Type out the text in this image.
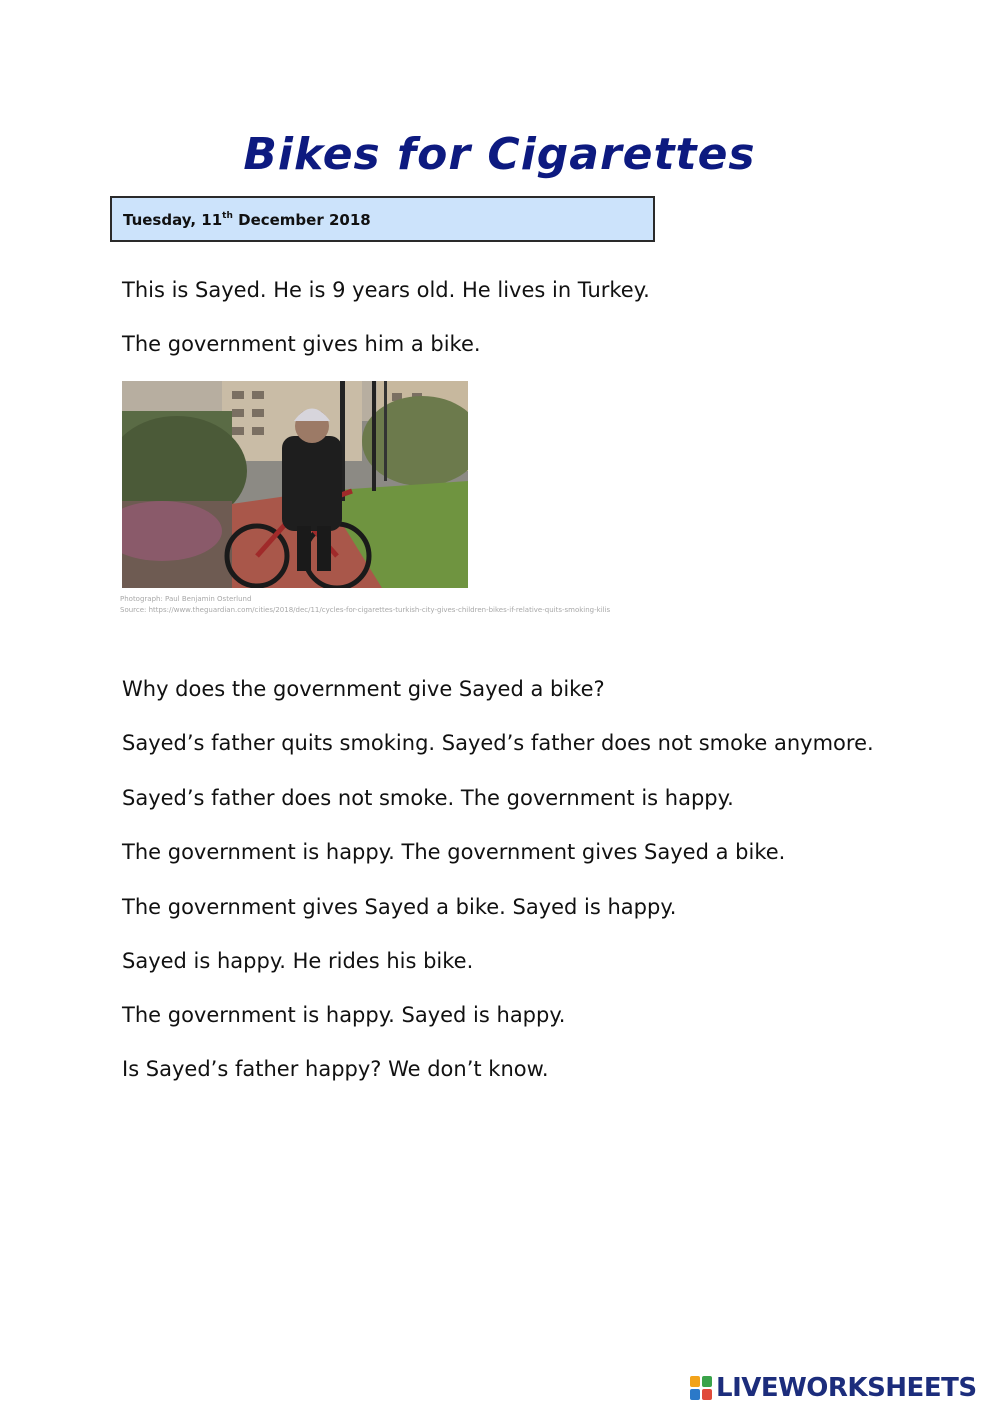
Bikes for Cigarettes
Tuesday, 11th December 2018

This is Sayed. He is 9 years old. He lives in Turkey.

The government gives him a bike.

Photograph: Paul Benjamin Osterlund
Source: https://www.theguardian.com/cities/2018/dec/11/cycles-for-cigarettes-turkish-city-gives-children-bikes-if-relative-quits-smoking-kilis

Why does the government give Sayed a bike?

Sayed’s father quits smoking. Sayed’s father does not smoke anymore.

Sayed’s father does not smoke. The government is happy.

The government is happy. The government gives Sayed a bike.

The government gives Sayed a bike. Sayed is happy.

Sayed is happy. He rides his bike.

The government is happy. Sayed is happy.

Is Sayed’s father happy? We don’t know.

LIVEWORKSHEETS
